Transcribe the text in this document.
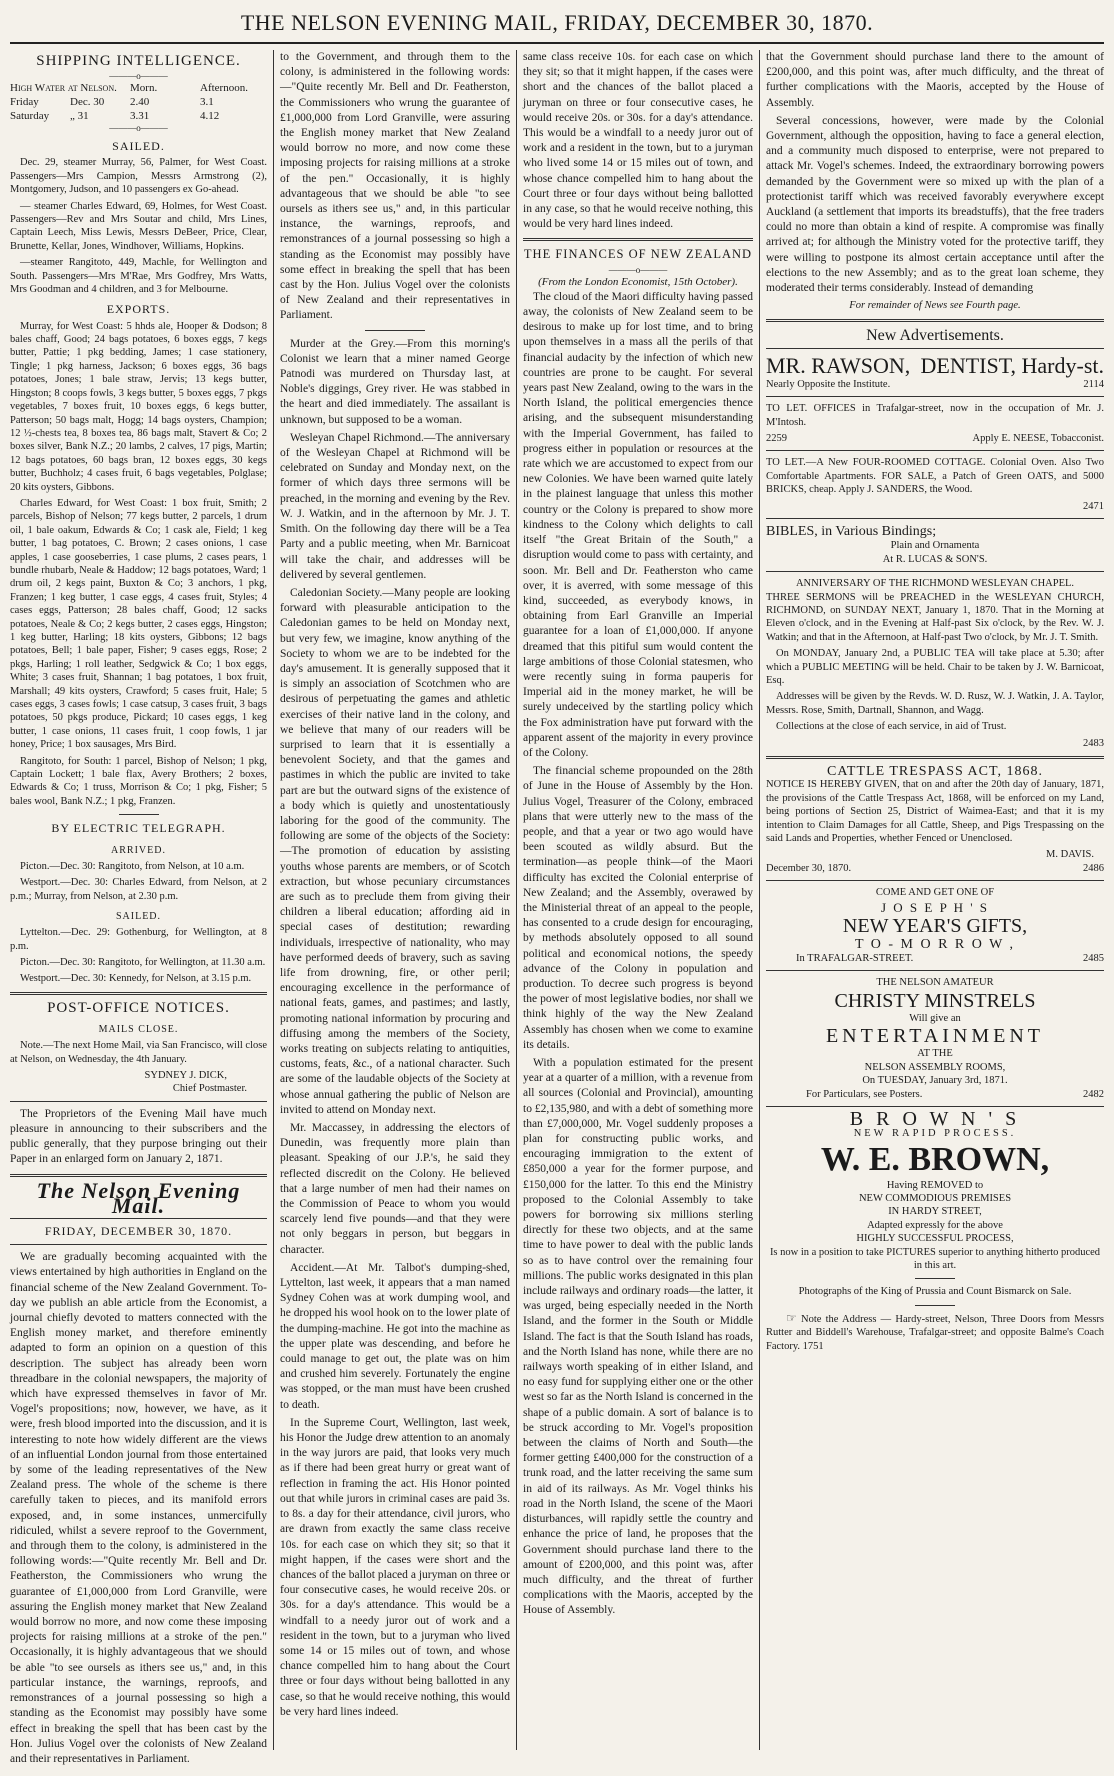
THE NELSON EVENING MAIL, FRIDAY, DECEMBER 30, 1870.
SHIPPING INTELLIGENCE.
———o———
High Water at Nelson.	Morn.	Afternoon.
Friday	Dec. 30	2.40	3.1
Saturday	„ 31	3.31	4.12
———o———
SAILED.

Dec. 29, steamer Murray, 56, Palmer, for West Coast. Passengers—Mrs Campion, Messrs Armstrong (2), Montgomery, Judson, and 10 passengers ex Go-ahead.

— steamer Charles Edward, 69, Holmes, for West Coast. Passengers—Rev and Mrs Soutar and child, Mrs Lines, Captain Leech, Miss Lewis, Messrs DeBeer, Price, Clear, Brunette, Kellar, Jones, Windhover, Williams, Hopkins.

—steamer Rangitoto, 449, Machle, for Wellington and South. Passengers—Mrs M'Rae, Mrs Godfrey, Mrs Watts, Mrs Goodman and 4 children, and 3 for Melbourne.

EXPORTS.

Murray, for West Coast: 5 hhds ale, Hooper & Dodson; 8 bales chaff, Good; 24 bags potatoes, 6 boxes eggs, 7 kegs butter, Pattie; 1 pkg bedding, James; 1 case stationery, Tingle; 1 pkg harness, Jackson; 6 boxes eggs, 36 bags potatoes, Jones; 1 bale straw, Jervis; 13 kegs butter, Hingston; 8 coops fowls, 3 kegs butter, 5 boxes eggs, 7 pkgs vegetables, 7 boxes fruit, 10 boxes eggs, 6 kegs butter, Patterson; 50 bags malt, Hogg; 14 bags oysters, Champion; 12 ½-chests tea, 8 boxes tea, 86 bags malt, Stavert & Co; 2 boxes silver, Bank N.Z.; 20 lambs, 2 calves, 17 pigs, Martin; 12 bags potatoes, 60 bags bran, 12 boxes eggs, 30 kegs butter, Buchholz; 4 cases fruit, 6 bags vegetables, Polglase; 20 kits oysters, Gibbons.

Charles Edward, for West Coast: 1 box fruit, Smith; 2 parcels, Bishop of Nelson; 77 kegs butter, 2 parcels, 1 drum oil, 1 bale oakum, Edwards & Co; 1 cask ale, Field; 1 keg butter, 1 bag potatoes, C. Brown; 2 cases onions, 1 case apples, 1 case gooseberries, 1 case plums, 2 cases pears, 1 bundle rhubarb, Neale & Haddow; 12 bags potatoes, Ward; 1 drum oil, 2 kegs paint, Buxton & Co; 3 anchors, 1 pkg, Franzen; 1 keg butter, 1 case eggs, 4 cases fruit, Styles; 4 cases eggs, Patterson; 28 bales chaff, Good; 12 sacks potatoes, Neale & Co; 2 kegs butter, 2 cases eggs, Hingston; 1 keg butter, Harling; 18 kits oysters, Gibbons; 12 bags potatoes, Bell; 1 bale paper, Fisher; 9 cases eggs, Rose; 2 pkgs, Harling; 1 roll leather, Sedgwick & Co; 1 box eggs, White; 3 cases fruit, Shannan; 1 bag potatoes, 1 box fruit, Marshall; 49 kits oysters, Crawford; 5 cases fruit, Hale; 5 cases eggs, 3 cases fowls; 1 case catsup, 3 cases fruit, 3 bags potatoes, 50 pkgs produce, Pickard; 10 cases eggs, 1 keg butter, 1 case onions, 11 cases fruit, 1 coop fowls, 1 jar honey, Price; 1 box sausages, Mrs Bird.

Rangitoto, for South: 1 parcel, Bishop of Nelson; 1 pkg, Captain Lockett; 1 bale flax, Avery Brothers; 2 boxes, Edwards & Co; 1 truss, Morrison & Co; 1 pkg, Fisher; 5 bales wool, Bank N.Z.; 1 pkg, Franzen.

BY ELECTRIC TELEGRAPH.
ARRIVED.

Picton.—Dec. 30: Rangitoto, from Nelson, at 10 a.m.

Westport.—Dec. 30: Charles Edward, from Nelson, at 2 p.m.; Murray, from Nelson, at 2.30 p.m.

SAILED.

Lyttelton.—Dec. 29: Gothenburg, for Wellington, at 8 p.m.

Picton.—Dec. 30: Rangitoto, for Wellington, at 11.30 a.m.

Westport.—Dec. 30: Kennedy, for Nelson, at 3.15 p.m.

POST-OFFICE NOTICES.
MAILS CLOSE.

Note.—The next Home Mail, via San Francisco, will close at Nelson, on Wednesday, the 4th January.

SYDNEY J. DICK,
Chief Postmaster.

The Proprietors of the Evening Mail have much pleasure in announcing to their subscribers and the public generally, that they purpose bringing out their Paper in an enlarged form on January 2, 1871.

The Nelson Evening Mail.
FRIDAY, DECEMBER 30, 1870.

We are gradually becoming acquainted with the views entertained by high authorities in England on the financial scheme of the New Zealand Government. To-day we publish an able article from the Economist, a journal chiefly devoted to matters connected with the English money market, and therefore eminently adapted to form an opinion on a question of this description. The subject has already been worn threadbare in the colonial newspapers, the majority of which have expressed themselves in favor of Mr. Vogel's propositions; now, however, we have, as it were, fresh blood imported into the discussion, and it is interesting to note how widely different are the views of an influential London journal from those entertained by some of the leading representatives of the New Zealand press. The whole of the scheme is there carefully taken to pieces, and its manifold errors exposed, and, in some instances, unmercifully ridiculed, whilst a severe reproof to the Government, and through them to the colony, is administered in the following words:—"Quite recently Mr. Bell and Dr. Featherston, the Commissioners who wrung the guarantee of £1,000,000 from Lord Granville, were assuring the English money market that New Zealand would borrow no more, and now come these imposing projects for raising millions at a stroke of the pen." Occasionally, it is highly advantageous that we should be able "to see oursels as ithers see us," and, in this particular instance, the warnings, reproofs, and remonstrances of a journal possessing so high a standing as the Economist may possibly have some effect in breaking the spell that has been cast by the Hon. Julius Vogel over the colonists of New Zealand and their representatives in Parliament.

to the Government, and through them to the colony, is administered in the following words:—"Quite recently Mr. Bell and Dr. Featherston, the Commissioners who wrung the guarantee of £1,000,000 from Lord Granville, were assuring the English money market that New Zealand would borrow no more, and now come these imposing projects for raising millions at a stroke of the pen." Occasionally, it is highly advantageous that we should be able "to see oursels as ithers see us," and, in this particular instance, the warnings, reproofs, and remonstrances of a journal possessing so high a standing as the Economist may possibly have some effect in breaking the spell that has been cast by the Hon. Julius Vogel over the colonists of New Zealand and their representatives in Parliament.

Murder at the Grey.—From this morning's Colonist we learn that a miner named George Patnodi was murdered on Thursday last, at Noble's diggings, Grey river. He was stabbed in the heart and died immediately. The assailant is unknown, but supposed to be a woman.

Wesleyan Chapel Richmond.—The anniversary of the Wesleyan Chapel at Richmond will be celebrated on Sunday and Monday next, on the former of which days three sermons will be preached, in the morning and evening by the Rev. W. J. Watkin, and in the afternoon by Mr. J. T. Smith. On the following day there will be a Tea Party and a public meeting, when Mr. Barnicoat will take the chair, and addresses will be delivered by several gentlemen.

Caledonian Society.—Many people are looking forward with pleasurable anticipation to the Caledonian games to be held on Monday next, but very few, we imagine, know anything of the Society to whom we are to be indebted for the day's amusement. It is generally supposed that it is simply an association of Scotchmen who are desirous of perpetuating the games and athletic exercises of their native land in the colony, and we believe that many of our readers will be surprised to learn that it is essentially a benevolent Society, and that the games and pastimes in which the public are invited to take part are but the outward signs of the existence of a body which is quietly and unostentatiously laboring for the good of the community. The following are some of the objects of the Society:—The promotion of education by assisting youths whose parents are members, or of Scotch extraction, but whose pecuniary circumstances are such as to preclude them from giving their children a liberal education; affording aid in special cases of destitution; rewarding individuals, irrespective of nationality, who may have performed deeds of bravery, such as saving life from drowning, fire, or other peril; encouraging excellence in the performance of national feats, games, and pastimes; and lastly, promoting national information by procuring and diffusing among the members of the Society, works treating on subjects relating to antiquities, customs, feats, &c., of a national character. Such are some of the laudable objects of the Society at whose annual gathering the public of Nelson are invited to attend on Monday next.

Mr. Maccassey, in addressing the electors of Dunedin, was frequently more plain than pleasant. Speaking of our J.P.'s, he said they reflected discredit on the Colony. He believed that a large number of men had their names on the Commission of Peace to whom you would scarcely lend five pounds—and that they were not only beggars in person, but beggars in character.

Accident.—At Mr. Talbot's dumping-shed, Lyttelton, last week, it appears that a man named Sydney Cohen was at work dumping wool, and he dropped his wool hook on to the lower plate of the dumping-machine. He got into the machine as the upper plate was descending, and before he could manage to get out, the plate was on him and crushed him severely. Fortunately the engine was stopped, or the man must have been crushed to death.

In the Supreme Court, Wellington, last week, his Honor the Judge drew attention to an anomaly in the way jurors are paid, that looks very much as if there had been great hurry or great want of reflection in framing the act. His Honor pointed out that while jurors in criminal cases are paid 3s. to 8s. a day for their attendance, civil jurors, who are drawn from exactly the same class receive 10s. for each case on which they sit; so that it might happen, if the cases were short and the chances of the ballot placed a juryman on three or four consecutive cases, he would receive 20s. or 30s. for a day's attendance. This would be a windfall to a needy juror out of work and a resident in the town, but to a juryman who lived some 14 or 15 miles out of town, and whose chance compelled him to hang about the Court three or four days without being ballotted in any case, so that he would receive nothing, this would be very hard lines indeed.

same class receive 10s. for each case on which they sit; so that it might happen, if the cases were short and the chances of the ballot placed a juryman on three or four consecutive cases, he would receive 20s. or 30s. for a day's attendance. This would be a windfall to a needy juror out of work and a resident in the town, but to a juryman who lived some 14 or 15 miles out of town, and whose chance compelled him to hang about the Court three or four days without being ballotted in any case, so that he would receive nothing, this would be very hard lines indeed.

THE FINANCES OF NEW ZEALAND
———o———
(From the London Economist, 15th October).

The cloud of the Maori difficulty having passed away, the colonists of New Zealand seem to be desirous to make up for lost time, and to bring upon themselves in a mass all the perils of that financial audacity by the infection of which new countries are prone to be caught. For several years past New Zealand, owing to the wars in the North Island, the political emergencies thence arising, and the subsequent misunderstanding with the Imperial Government, has failed to progress either in population or resources at the rate which we are accustomed to expect from our new Colonies. We have been warned quite lately in the plainest language that unless this mother country or the Colony is prepared to show more kindness to the Colony which delights to call itself "the Great Britain of the South," a disruption would come to pass with certainty, and soon. Mr. Bell and Dr. Featherston who came over, it is averred, with some message of this kind, succeeded, as everybody knows, in obtaining from Earl Granville an Imperial guarantee for a loan of £1,000,000. If anyone dreamed that this pitiful sum would content the large ambitions of those Colonial statesmen, who were recently suing in forma pauperis for Imperial aid in the money market, he will be surely undeceived by the startling policy which the Fox administration have put forward with the apparent assent of the majority in every province of the Colony.

The financial scheme propounded on the 28th of June in the House of Assembly by the Hon. Julius Vogel, Treasurer of the Colony, embraced plans that were utterly new to the mass of the people, and that a year or two ago would have been scouted as wildly absurd. But the termination—as people think—of the Maori difficulty has excited the Colonial enterprise of New Zealand; and the Assembly, overawed by the Ministerial threat of an appeal to the people, has consented to a crude design for encouraging, by methods absolutely opposed to all sound political and economical notions, the speedy advance of the Colony in population and production. To decree such progress is beyond the power of most legislative bodies, nor shall we think highly of the way the New Zealand Assembly has chosen when we come to examine its details.

With a population estimated for the present year at a quarter of a million, with a revenue from all sources (Colonial and Provincial), amounting to £2,135,980, and with a debt of something more than £7,000,000, Mr. Vogel suddenly proposes a plan for constructing public works, and encouraging immigration to the extent of £850,000 a year for the former purpose, and £150,000 for the latter. To this end the Ministry proposed to the Colonial Assembly to take powers for borrowing six millions sterling directly for these two objects, and at the same time to have power to deal with the public lands so as to have control over the remaining four millions. The public works designated in this plan include railways and ordinary roads—the latter, it was urged, being especially needed in the North Island, and the former in the South or Middle Island. The fact is that the South Island has roads, and the North Island has none, while there are no railways worth speaking of in either Island, and no easy fund for supplying either one or the other west so far as the North Island is concerned in the shape of a public domain. A sort of balance is to be struck according to Mr. Vogel's proposition between the claims of North and South—the former getting £400,000 for the construction of a trunk road, and the latter receiving the same sum in aid of its railways. As Mr. Vogel thinks his road in the North Island, the scene of the Maori disturbances, will rapidly settle the country and enhance the price of land, he proposes that the Government should purchase land there to the amount of £200,000, and this point was, after much difficulty, and the threat of further complications with the Maoris, accepted by the House of Assembly.

that the Government should purchase land there to the amount of £200,000, and this point was, after much difficulty, and the threat of further complications with the Maoris, accepted by the House of Assembly.

Several concessions, however, were made by the Colonial Government, although the opposition, having to face a general election, and a community much disposed to enterprise, were not prepared to attack Mr. Vogel's schemes. Indeed, the extraordinary borrowing powers demanded by the Government were so mixed up with the plan of a protectionist tariff which was received favorably everywhere except Auckland (a settlement that imports its breadstuffs), that the free traders could no more than obtain a kind of respite. A compromise was finally arrived at; for although the Ministry voted for the protective tariff, they were willing to postpone its almost certain acceptance until after the elections to the new Assembly; and as to the great loan scheme, they moderated their terms considerably. Instead of demanding

For remainder of News see Fourth page.
New Advertisements.
MR. RAWSON, DENTIST, Hardy-st.
Nearly Opposite the Institute.	2114

TO LET. OFFICES in Trafalgar-street, now in the occupation of Mr. J. M'Intosh.

2259	Apply E. NEESE, Tobacconist.

TO LET.—A New FOUR-ROOMED COTTAGE. Colonial Oven. Also Two Comfortable Apartments. FOR SALE, a Patch of Green OATS, and 5000 BRICKS, cheap. Apply J. SANDERS, the Wood.

2471
BIBLES, in Various Bindings;
Plain and Ornamenta
At R. LUCAS & SON'S.
ANNIVERSARY OF THE RICHMOND WESLEYAN CHAPEL.

THREE SERMONS will be PREACHED in the WESLEYAN CHURCH, RICHMOND, on SUNDAY NEXT, January 1, 1870. That in the Morning at Eleven o'clock, and in the Evening at Half-past Six o'clock, by the Rev. W. J. Watkin; and that in the Afternoon, at Half-past Two o'clock, by Mr. J. T. Smith.

On MONDAY, January 2nd, a PUBLIC TEA will take place at 5.30; after which a PUBLIC MEETING will be held. Chair to be taken by J. W. Barnicoat, Esq.

Addresses will be given by the Revds. W. D. Rusz, W. J. Watkin, J. A. Taylor, Messrs. Rose, Smith, Dartnall, Shannon, and Wagg.

Collections at the close of each service, in aid of Trust.

2483
CATTLE TRESPASS ACT, 1868.

NOTICE IS HEREBY GIVEN, that on and after the 20th day of January, 1871, the provisions of the Cattle Trespass Act, 1868, will be enforced on my Land, being portions of Section 25, District of Waimea-East; and that it is my intention to Claim Damages for all Cattle, Sheep, and Pigs Trespassing on the said Lands and Properties, whether Fenced or Unenclosed.

M. DAVIS.
December 30, 1870.	2486
COME AND GET ONE OF
J O S E P H ' S
NEW YEAR'S GIFTS,
T O - M O R R O W ,
In TRAFALGAR-STREET.	2485
THE NELSON AMATEUR
CHRISTY MINSTRELS
Will give an
ENTERTAINMENT
AT THE
NELSON ASSEMBLY ROOMS,
On TUESDAY, January 3rd, 1871.
For Particulars, see Posters.	2482
B R O W N ' S
NEW RAPID PROCESS.
W. E. BROWN,
Having REMOVED to
NEW COMMODIOUS PREMISES
IN HARDY STREET,
Adapted expressly for the above
HIGHLY SUCCESSFUL PROCESS,
Is now in a position to take PICTURES superior to anything hitherto produced in this art.
Photographs of the King of Prussia and Count Bismarck on Sale.

☞ Note the Address — Hardy-street, Nelson, Three Doors from Messrs Rutter and Biddell's Warehouse, Trafalgar-street; and opposite Balme's Coach Factory. 1751
